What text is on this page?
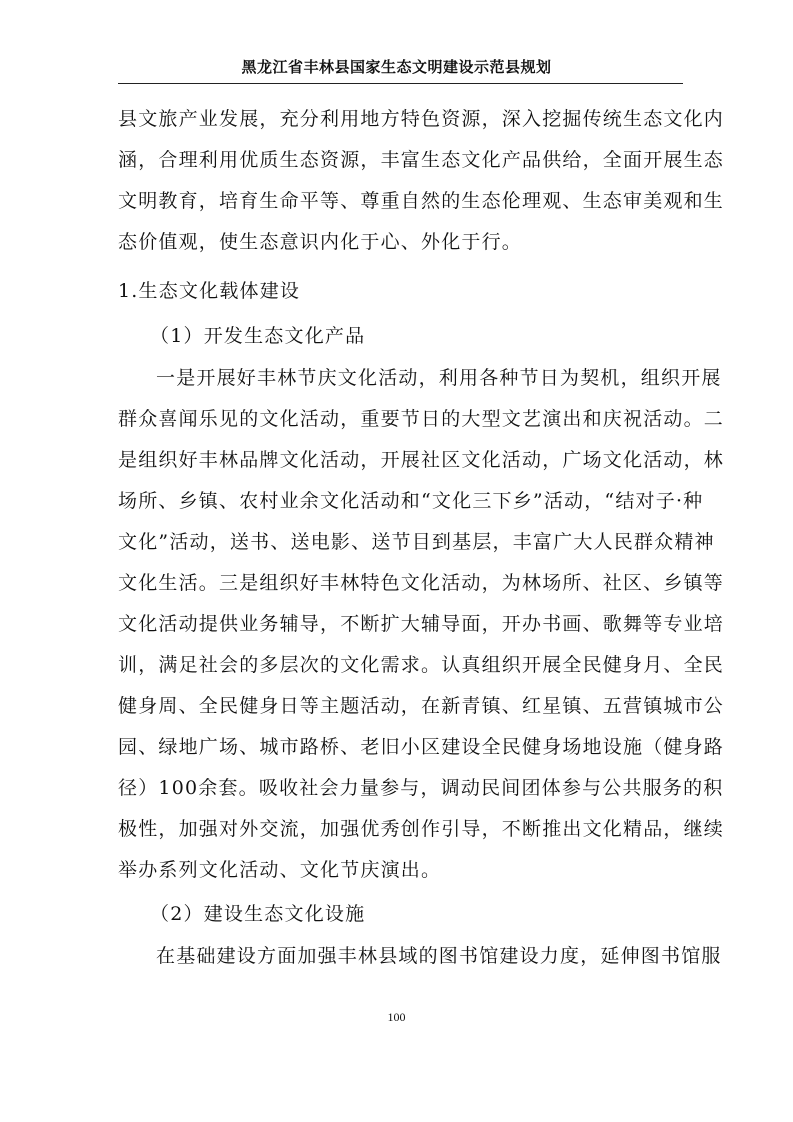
黑龙江省丰林县国家生态文明建设示范县规划
县文旅产业发展，充分利用地方特色资源，深入挖掘传统生态文化内
涵，合理利用优质生态资源，丰富生态文化产品供给，全面开展生态
文明教育，培育生命平等、尊重自然的生态伦理观、生态审美观和生
态价值观，使生态意识内化于心、外化于行。
1.生态文化载体建设
（1）开发生态文化产品
一是开展好丰林节庆文化活动，利用各种节日为契机，组织开展
群众喜闻乐见的文化活动，重要节日的大型文艺演出和庆祝活动。二
是组织好丰林品牌文化活动，开展社区文化活动，广场文化活动，林
场所、乡镇、农村业余文化活动和“文化三下乡”活动，“结对子·种
文化”活动，送书、送电影、送节目到基层，丰富广大人民群众精神
文化生活。三是组织好丰林特色文化活动，为林场所、社区、乡镇等
文化活动提供业务辅导，不断扩大辅导面，开办书画、歌舞等专业培
训，满足社会的多层次的文化需求。认真组织开展全民健身月、全民
健身周、全民健身日等主题活动，在新青镇、红星镇、五营镇城市公
园、绿地广场、城市路桥、老旧小区建设全民健身场地设施（健身路
径）100余套。吸收社会力量参与，调动民间团体参与公共服务的积
极性，加强对外交流，加强优秀创作引导，不断推出文化精品，继续
举办系列文化活动、文化节庆演出。
（2）建设生态文化设施
在基础建设方面加强丰林县域的图书馆建设力度，延伸图书馆服
100
